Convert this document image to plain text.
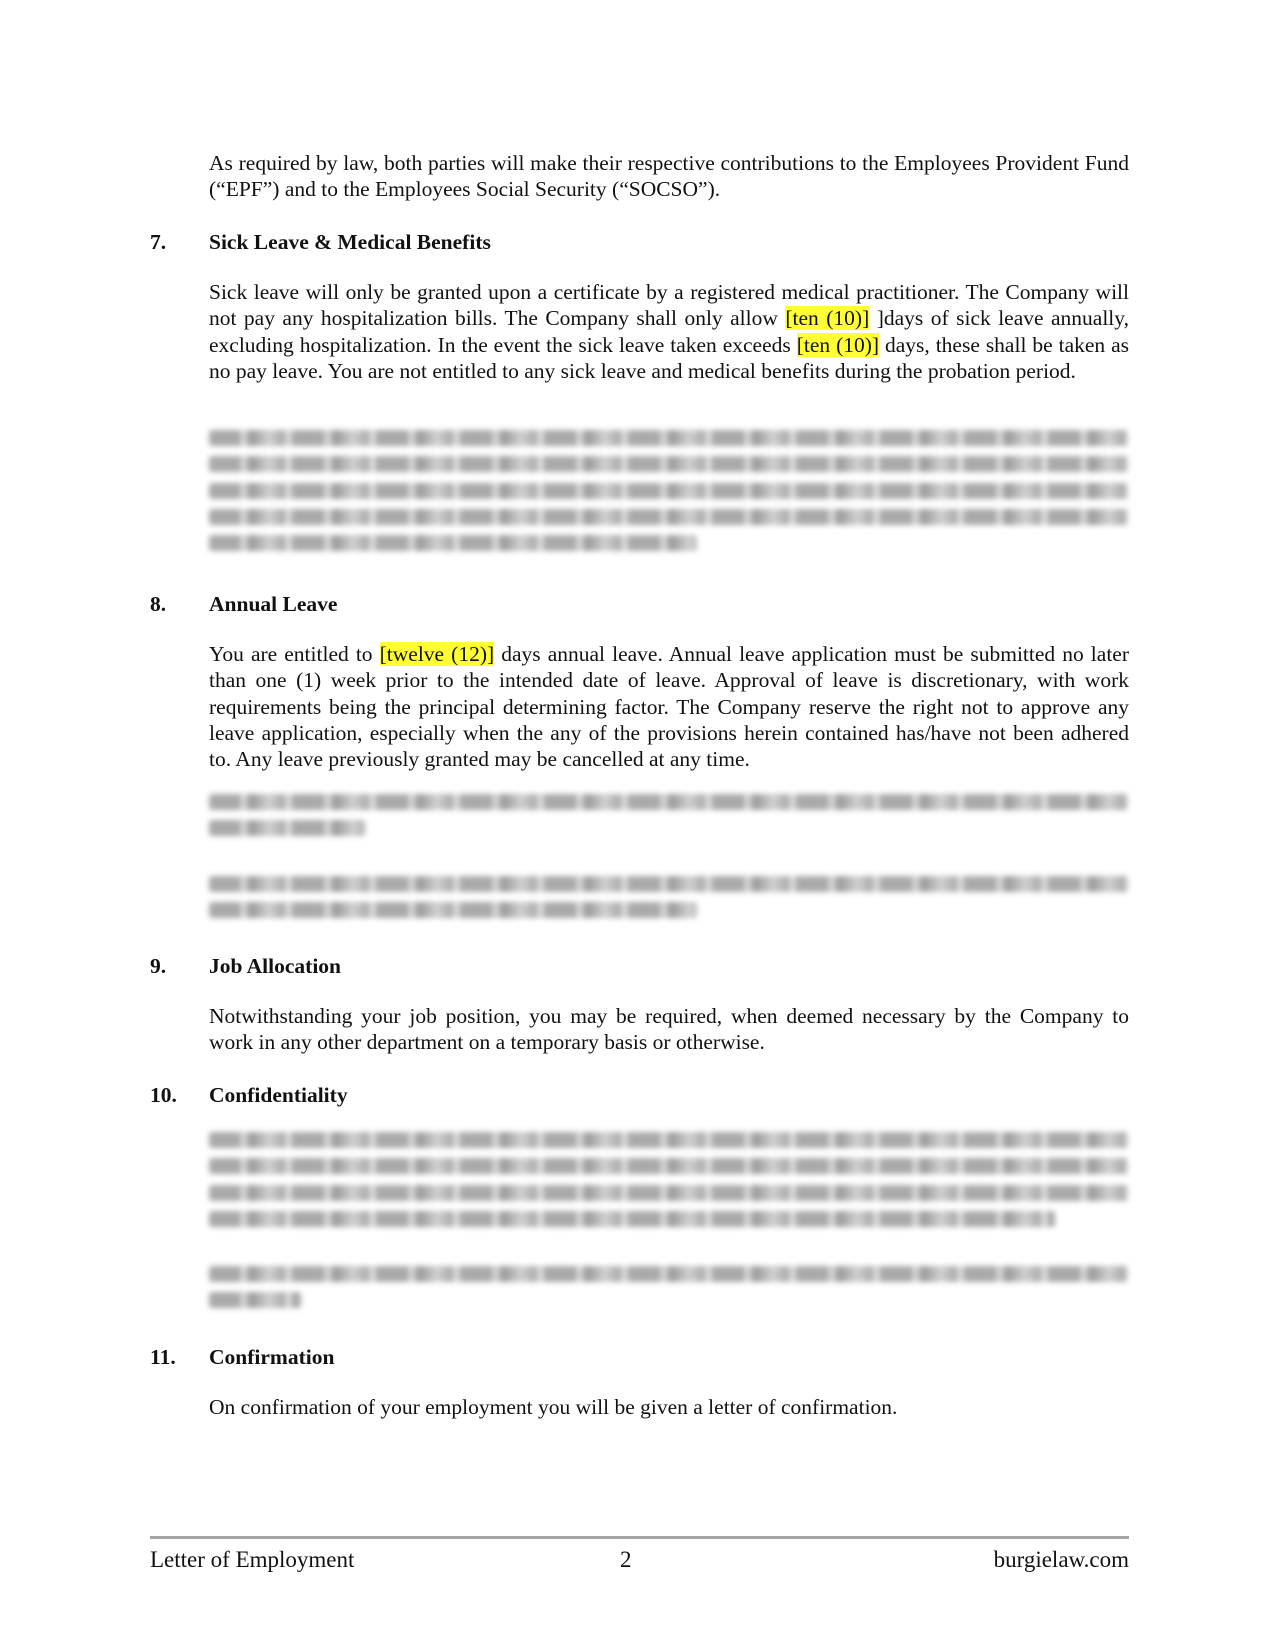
As required by law, both parties will make their respective contributions to the Employees Provident Fund (“EPF”) and to the Employees Social Security (“SOCSO”).

7. Sick Leave & Medical Benefits

Sick leave will only be granted upon a certificate by a registered medical practitioner. The Company will not pay any hospitalization bills. The Company shall only allow [ten (10)] ]days of sick leave annually, excluding hospitalization. In the event the sick leave taken exceeds [ten (10)] days, these shall be taken as no pay leave. You are not entitled to any sick leave and medical benefits during the probation period.

8. Annual Leave

You are entitled to [twelve (12)] days annual leave. Annual leave application must be submitted no later than one (1) week prior to the intended date of leave. Approval of leave is discretionary, with work requirements being the principal determining factor. The Company reserve the right not to approve any leave application, especially when the any of the provisions herein contained has/have not been adhered to. Any leave previously granted may be cancelled at any time.

9. Job Allocation

Notwithstanding your job position, you may be required, when deemed necessary by the Company to work in any other department on a temporary basis or otherwise.

10. Confidentiality
11. Confirmation

On confirmation of your employment you will be given a letter of confirmation.

Letter of Employment	2	burgielaw.com
